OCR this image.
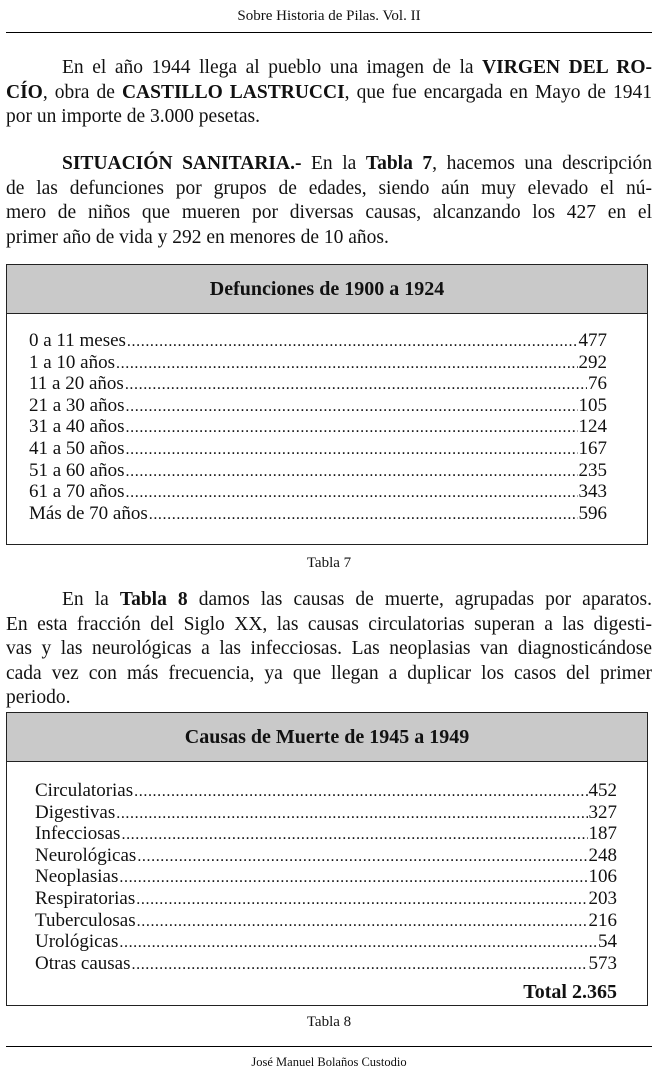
Sobre Historia de Pilas. Vol. II
En el año 1944 llega al pueblo una imagen de la VIRGEN DEL RO-
CÍO, obra de CASTILLO LASTRUCCI, que fue encargada en Mayo de 1941
por un importe de 3.000 pesetas.
SITUACIÓN SANITARIA.- En la Tabla 7, hacemos una descripción
de las defunciones por grupos de edades, siendo aún muy elevado el nú-
mero de niños que mueren por diversas causas, alcanzando los 427 en el
primer año de vida y 292 en menores de 10 años.
Defunciones de 1900 a 1924
0 a 11 meses .....	477
1 a 10 años .....	292
11 a 20 años .....	76
21 a 30 años .....	105
31 a 40 años .....	124
41 a 50 años .....	167
51 a 60 años .....	235
61 a 70 años .....	343
Más de 70 años .....	596
Tabla 7
En la Tabla 8 damos las causas de muerte, agrupadas por aparatos.
En esta fracción del Siglo XX, las causas circulatorias superan a las digesti-
vas y las neurológicas a las infecciosas. Las neoplasias van diagnosticándose
cada vez con más frecuencia, ya que llegan a duplicar los casos del primer
periodo.
Causas de Muerte de 1945 a 1949
Circulatorias .....	452
Digestivas .....	327
Infecciosas .....	187
Neurológicas .....	248
Neoplasias .....	106
Respiratorias .....	203
Tuberculosas .....	216
Urológicas .....	54
Otras causas .....	573
Total 2.365
Tabla 8
José Manuel Bolaños Custodio
